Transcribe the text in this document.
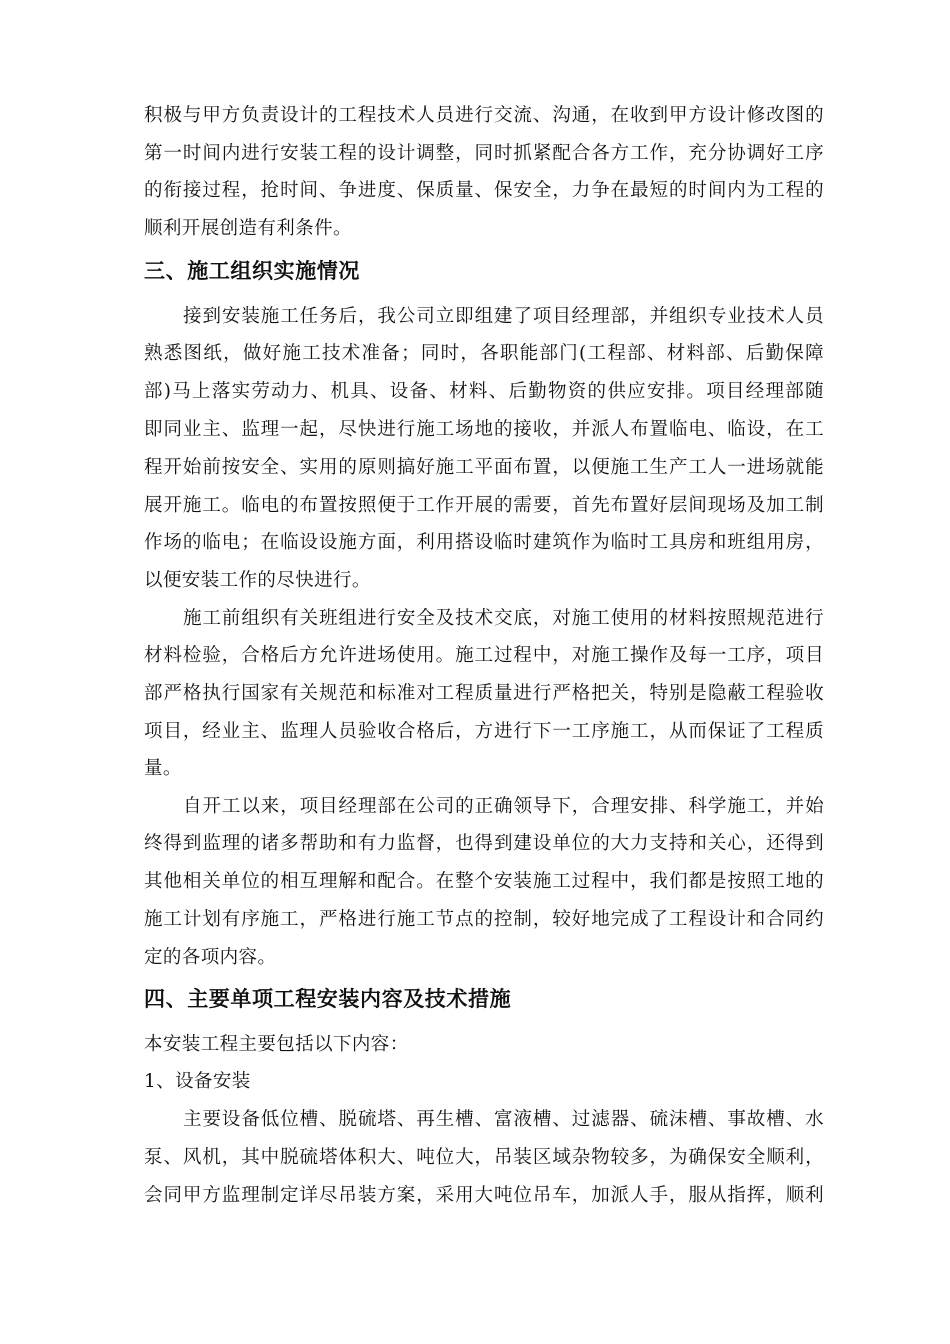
积极与甲方负责设计的工程技术人员进行交流、沟通，在收到甲方设计修改图的
第一时间内进行安装工程的设计调整，同时抓紧配合各方工作，充分协调好工序
的衔接过程，抢时间、争进度、保质量、保安全，力争在最短的时间内为工程的
顺利开展创造有利条件。
三、施工组织实施情况
接到安装施工任务后，我公司立即组建了项目经理部，并组织专业技术人员
熟悉图纸，做好施工技术准备；同时，各职能部门(工程部、材料部、后勤保障
部)马上落实劳动力、机具、设备、材料、后勤物资的供应安排。项目经理部随
即同业主、监理一起，尽快进行施工场地的接收，并派人布置临电、临设，在工
程开始前按安全、实用的原则搞好施工平面布置，以便施工生产工人一进场就能
展开施工。临电的布置按照便于工作开展的需要，首先布置好层间现场及加工制
作场的临电；在临设设施方面，利用搭设临时建筑作为临时工具房和班组用房，
以便安装工作的尽快进行。
施工前组织有关班组进行安全及技术交底，对施工使用的材料按照规范进行
材料检验，合格后方允许进场使用。施工过程中，对施工操作及每一工序，项目
部严格执行国家有关规范和标准对工程质量进行严格把关，特别是隐蔽工程验收
项目，经业主、监理人员验收合格后，方进行下一工序施工，从而保证了工程质
量。
自开工以来，项目经理部在公司的正确领导下，合理安排、科学施工，并始
终得到监理的诸多帮助和有力监督，也得到建设单位的大力支持和关心，还得到
其他相关单位的相互理解和配合。在整个安装施工过程中，我们都是按照工地的
施工计划有序施工，严格进行施工节点的控制，较好地完成了工程设计和合同约
定的各项内容。
四、主要单项工程安装内容及技术措施
本安装工程主要包括以下内容：
1、设备安装
主要设备低位槽、脱硫塔、再生槽、富液槽、过滤器、硫沫槽、事故槽、水
泵、风机，其中脱硫塔体积大、吨位大，吊装区域杂物较多，为确保安全顺利，
会同甲方监理制定详尽吊装方案，采用大吨位吊车，加派人手，服从指挥，顺利
